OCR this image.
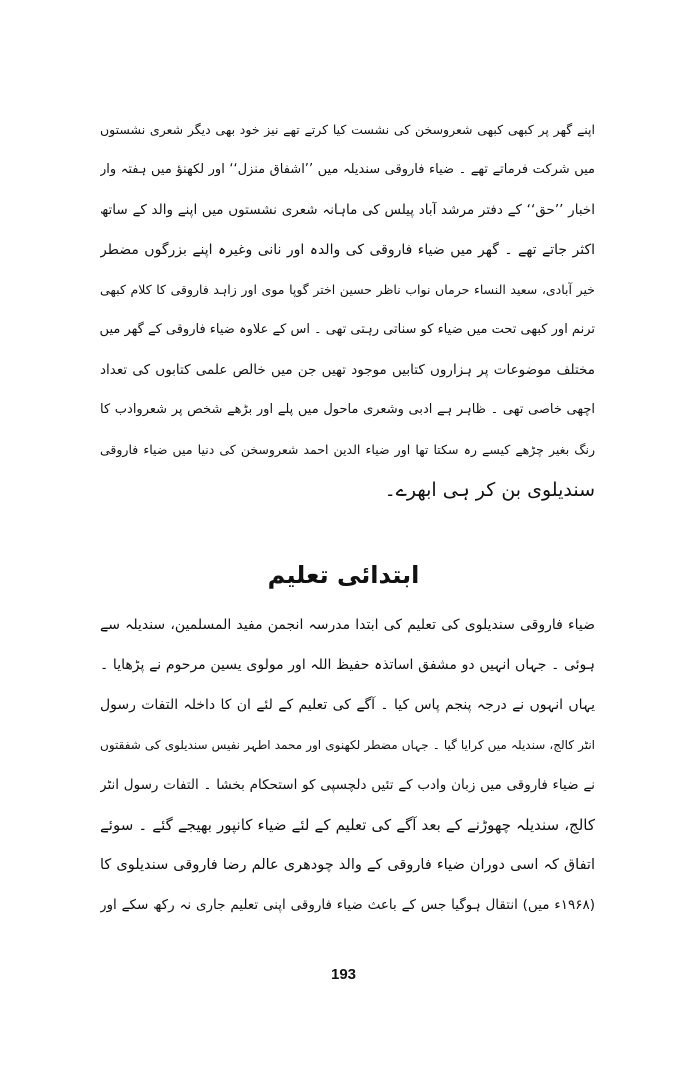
اپنے گھر پر کبھی کبھی شعروسخن کی نشست کیا کرتے تھے نیز خود بھی دیگر شعری نشستوں
میں شرکت فرماتے تھے ۔ ضیاء فاروقی سندیلہ میں ’’اشفاق منزل‘‘ اور لکھنؤ میں ہفتہ وار
اخبار ’’حق‘‘ کے دفتر مرشد آباد پیلس کی ماہانہ شعری نشستوں میں اپنے والد کے ساتھ
اکثر جاتے تھے ۔ گھر میں ضیاء فاروقی کی والدہ اور نانی وغیرہ اپنے بزرگوں مضطر
خیر آبادی، سعید النساء حرماں نواب ناظر حسین اختر گوپا موی اور زاہد فاروقی کا کلام کبھی
ترنم اور کبھی تحت میں ضیاء کو سناتی رہتی تھی ۔ اس کے علاوہ ضیاء فاروقی کے گھر میں
مختلف موضوعات پر ہزاروں کتابیں موجود تھیں جن میں خالص علمی کتابوں کی تعداد
اچھی خاصی تھی ۔ ظاہر ہے ادبی وشعری ماحول میں پلے اور بڑھے شخص پر شعروادب کا
رنگ بغیر چڑھے کیسے رہ سکتا تھا اور ضیاء الدین احمد شعروسخن کی دنیا میں ضیاء فاروقی
سندیلوی بن کر ہی ابھرے۔
ابتدائی تعلیم
ضیاء فاروقی سندیلوی کی تعلیم کی ابتدا مدرسہ انجمن مفید المسلمین، سندیلہ سے
ہوئی ۔ جہاں انہیں دو مشفق اساتذہ حفیظ اللہ اور مولوی یسین مرحوم نے پڑھایا ۔
یہاں انہوں نے درجہ پنجم پاس کیا ۔ آگے کی تعلیم کے لئے ان کا داخلہ التفات رسول
انٹر کالج، سندیلہ میں کرایا گیا ۔ جہاں مضطر لکھنوی اور محمد اطہر نفیس سندیلوی کی شفقتوں
نے ضیاء فاروقی میں زبان وادب کے تئیں دلچسپی کو استحکام بخشا ۔ التفات رسول انٹر
کالج، سندیلہ چھوڑنے کے بعد آگے کی تعلیم کے لئے ضیاء کانپور بھیجے گئے ۔ سوئے
اتفاق کہ اسی دوران ضیاء فاروقی کے والد چودھری عالم رضا فاروقی سندیلوی کا
(۱۹۶۸ء میں) انتقال ہوگیا جس کے باعث ضیاء فاروقی اپنی تعلیم جاری نہ رکھ سکے اور
193
